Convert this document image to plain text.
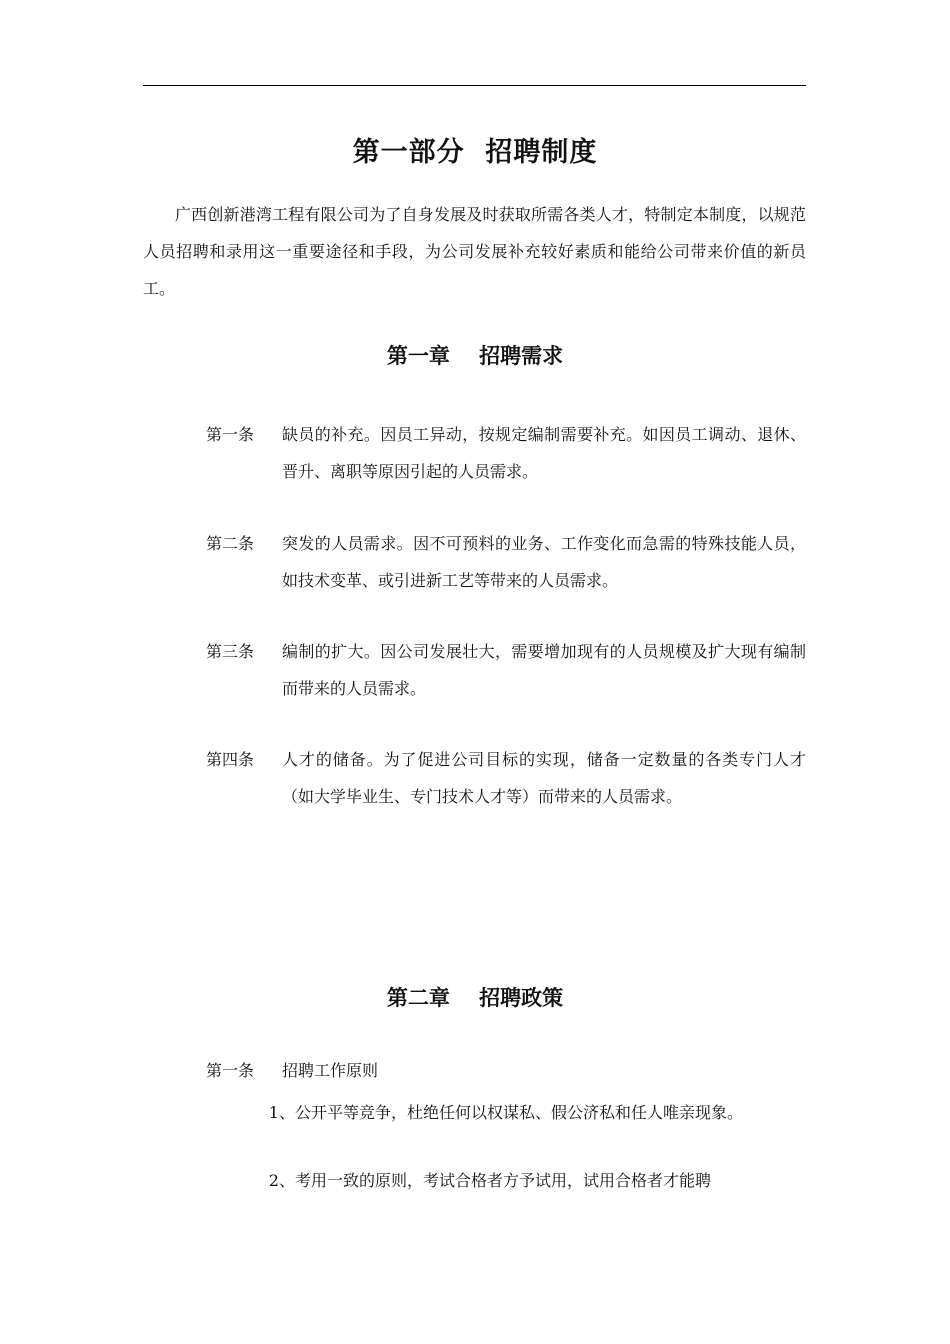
第一部分  招聘制度
广西创新港湾工程有限公司为了自身发展及时获取所需各类人才，特制定本制度，以规范人员招聘和录用这一重要途径和手段，为公司发展补充较好素质和能给公司带来价值的新员工。
第一章    招聘需求
第一条	缺员的补充。因员工异动，按规定编制需要补充。如因员工调动、退休、晋升、离职等原因引起的人员需求。
第二条	突发的人员需求。因不可预料的业务、工作变化而急需的特殊技能人员，如技术变革、或引进新工艺等带来的人员需求。
第三条	编制的扩大。因公司发展壮大，需要增加现有的人员规模及扩大现有编制而带来的人员需求。
第四条	人才的储备。为了促进公司目标的实现，储备一定数量的各类专门人才（如大学毕业生、专门技术人才等）而带来的人员需求。
第二章    招聘政策
第一条	招聘工作原则
1、公开平等竞争，杜绝任何以权谋私、假公济私和任人唯亲现象。
2、考用一致的原则，考试合格者方予试用，试用合格者才能聘
